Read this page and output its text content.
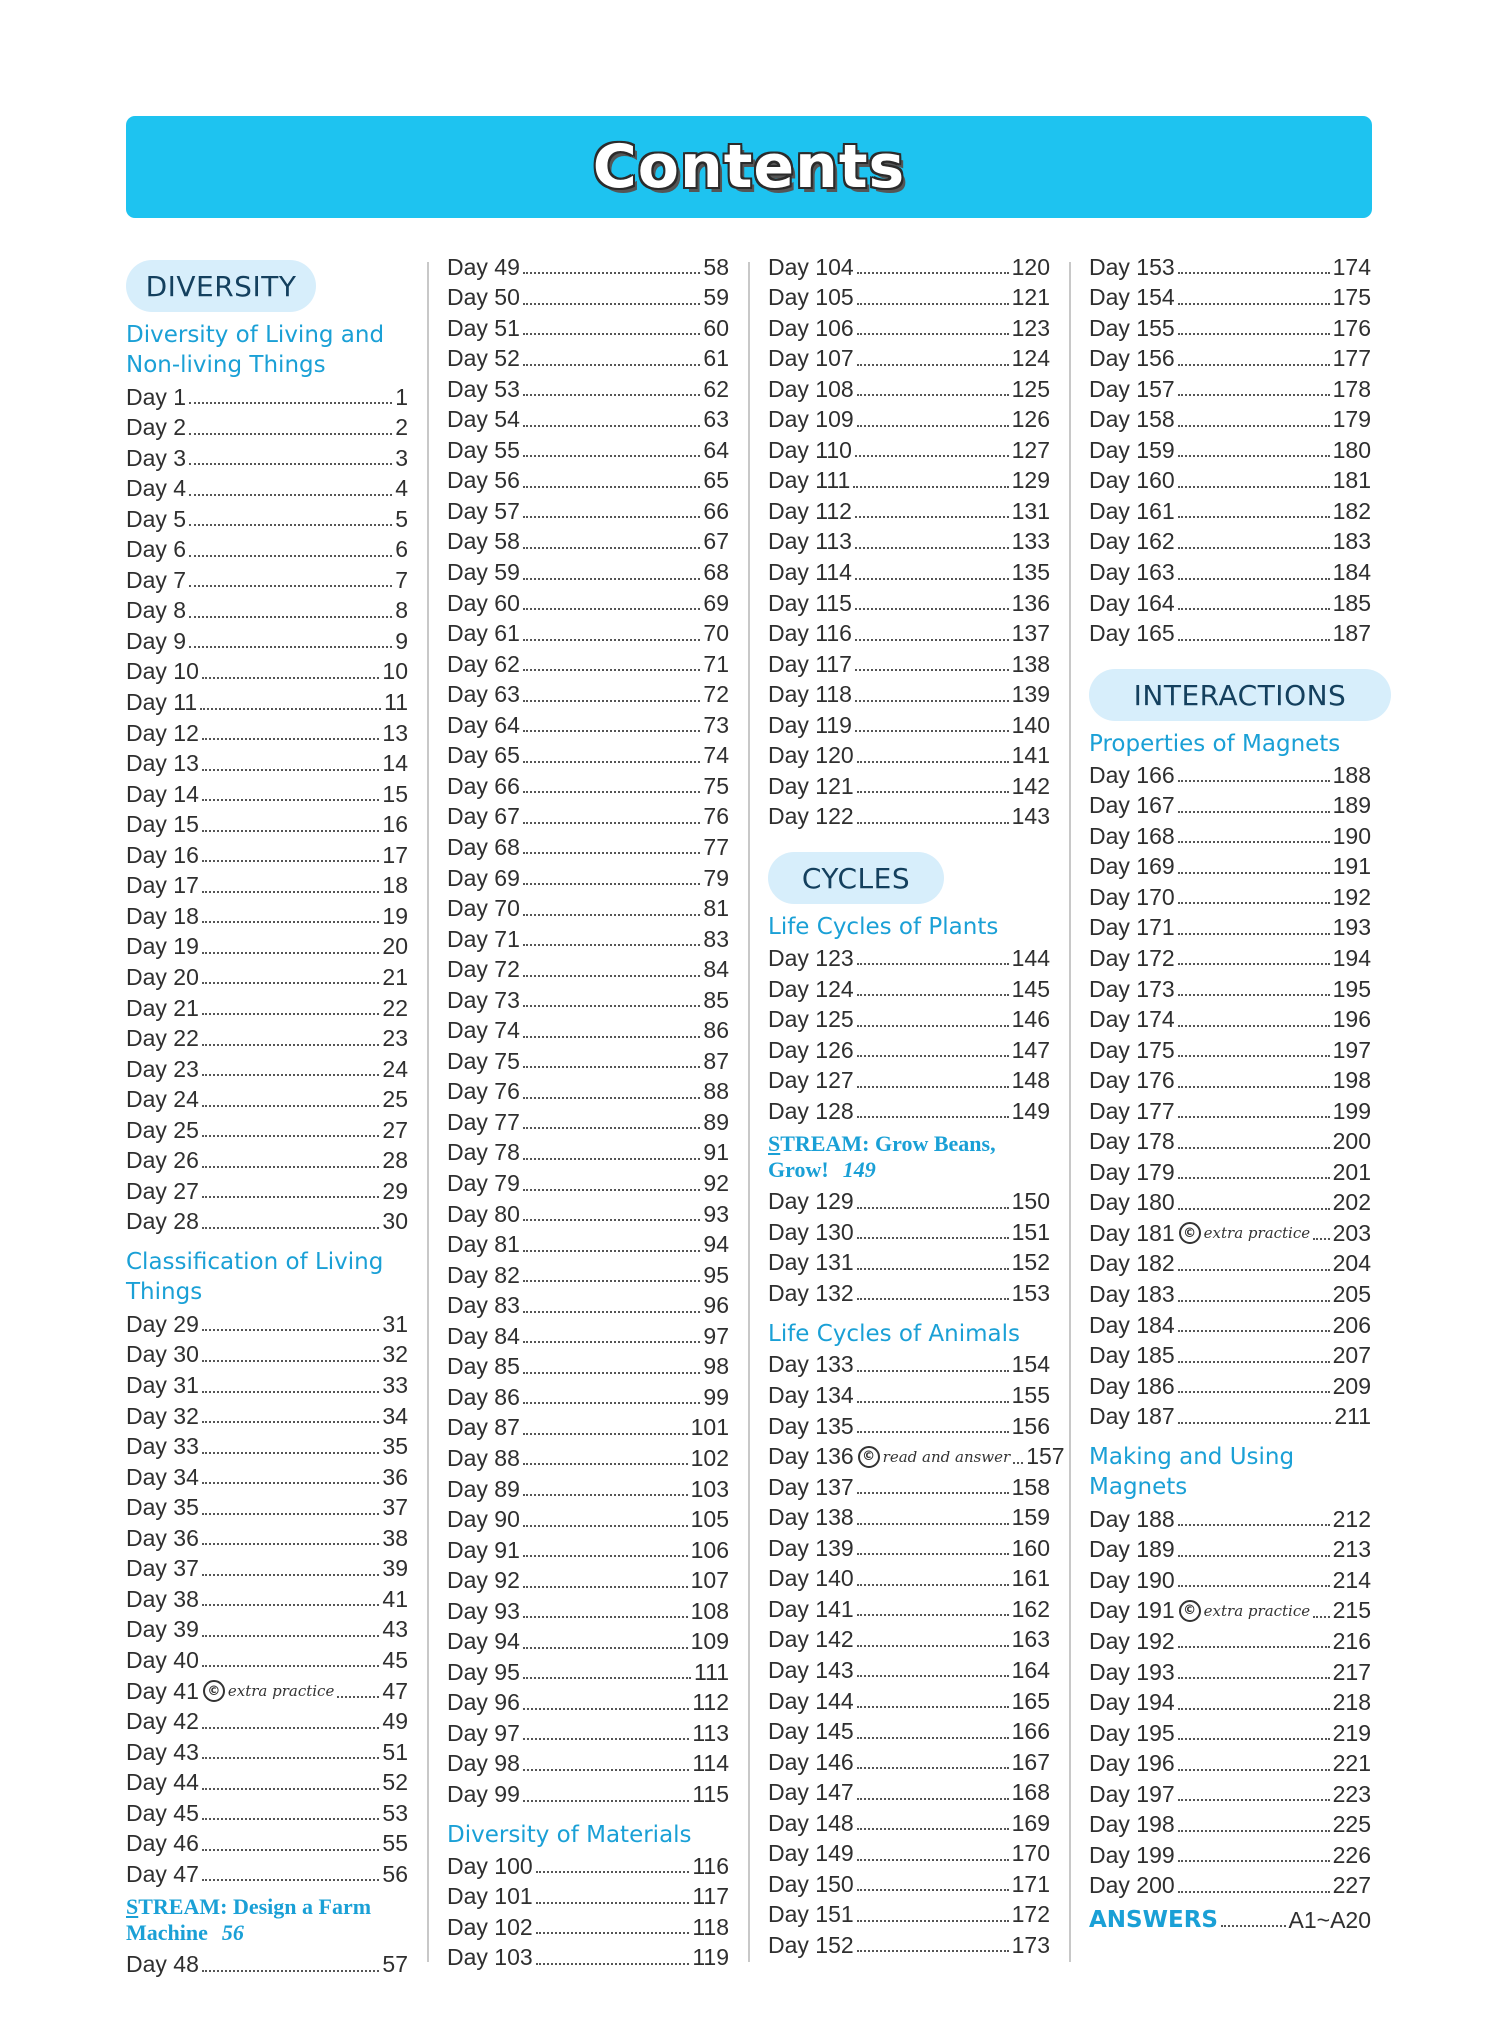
Contents
DIVERSITY
Diversity of Living and
Non-living Things
Day 1	1
Day 2	2
Day 3	3
Day 4	4
Day 5	5
Day 6	6
Day 7	7
Day 8	8
Day 9	9
Day 10	10
Day 11	11
Day 12	13
Day 13	14
Day 14	15
Day 15	16
Day 16	17
Day 17	18
Day 18	19
Day 19	20
Day 20	21
Day 21	22
Day 22	23
Day 23	24
Day 24	25
Day 25	27
Day 26	28
Day 27	29
Day 28	30
Classification of Living
Things
Day 29	31
Day 30	32
Day 31	33
Day 32	34
Day 33	35
Day 34	36
Day 35	37
Day 36	38
Day 37	39
Day 38	41
Day 39	43
Day 40	45
Day 41 © extra practice 47
Day 42	49
Day 43	51
Day 44	52
Day 45	53
Day 46	55
Day 47	56
STREAM: Design a Farm
Machine 56
Day 48	57
Day 49	58
Day 50	59
Day 51	60
Day 52	61
Day 53	62
Day 54	63
Day 55	64
Day 56	65
Day 57	66
Day 58	67
Day 59	68
Day 60	69
Day 61	70
Day 62	71
Day 63	72
Day 64	73
Day 65	74
Day 66	75
Day 67	76
Day 68	77
Day 69	79
Day 70	81
Day 71	83
Day 72	84
Day 73	85
Day 74	86
Day 75	87
Day 76	88
Day 77	89
Day 78	91
Day 79	92
Day 80	93
Day 81	94
Day 82	95
Day 83	96
Day 84	97
Day 85	98
Day 86	99
Day 87	101
Day 88	102
Day 89	103
Day 90	105
Day 91	106
Day 92	107
Day 93	108
Day 94	109
Day 95	111
Day 96	112
Day 97	113
Day 98	114
Day 99	115
Diversity of Materials
Day 100	116
Day 101	117
Day 102	118
Day 103	119
Day 104	120
Day 105	121
Day 106	123
Day 107	124
Day 108	125
Day 109	126
Day 110	127
Day 111	129
Day 112	131
Day 113	133
Day 114	135
Day 115	136
Day 116	137
Day 117	138
Day 118	139
Day 119	140
Day 120	141
Day 121	142
Day 122	143
CYCLES
Life Cycles of Plants
Day 123	144
Day 124	145
Day 125	146
Day 126	147
Day 127	148
Day 128	149
STREAM: Grow Beans,
Grow! 149
Day 129	150
Day 130	151
Day 131	152
Day 132	153
Life Cycles of Animals
Day 133	154
Day 134	155
Day 135	156
Day 136 © read and answer 157
Day 137	158
Day 138	159
Day 139	160
Day 140	161
Day 141	162
Day 142	163
Day 143	164
Day 144	165
Day 145	166
Day 146	167
Day 147	168
Day 148	169
Day 149	170
Day 150	171
Day 151	172
Day 152	173
Day 153	174
Day 154	175
Day 155	176
Day 156	177
Day 157	178
Day 158	179
Day 159	180
Day 160	181
Day 161	182
Day 162	183
Day 163	184
Day 164	185
Day 165	187
INTERACTIONS
Properties of Magnets
Day 166	188
Day 167	189
Day 168	190
Day 169	191
Day 170	192
Day 171	193
Day 172	194
Day 173	195
Day 174	196
Day 175	197
Day 176	198
Day 177	199
Day 178	200
Day 179	201
Day 180	202
Day 181 © extra practice 203
Day 182	204
Day 183	205
Day 184	206
Day 185	207
Day 186	209
Day 187	211
Making and Using
Magnets
Day 188	212
Day 189	213
Day 190	214
Day 191 © extra practice 215
Day 192	216
Day 193	217
Day 194	218
Day 195	219
Day 196	221
Day 197	223
Day 198	225
Day 199	226
Day 200	227
ANSWERS	A1~A20
